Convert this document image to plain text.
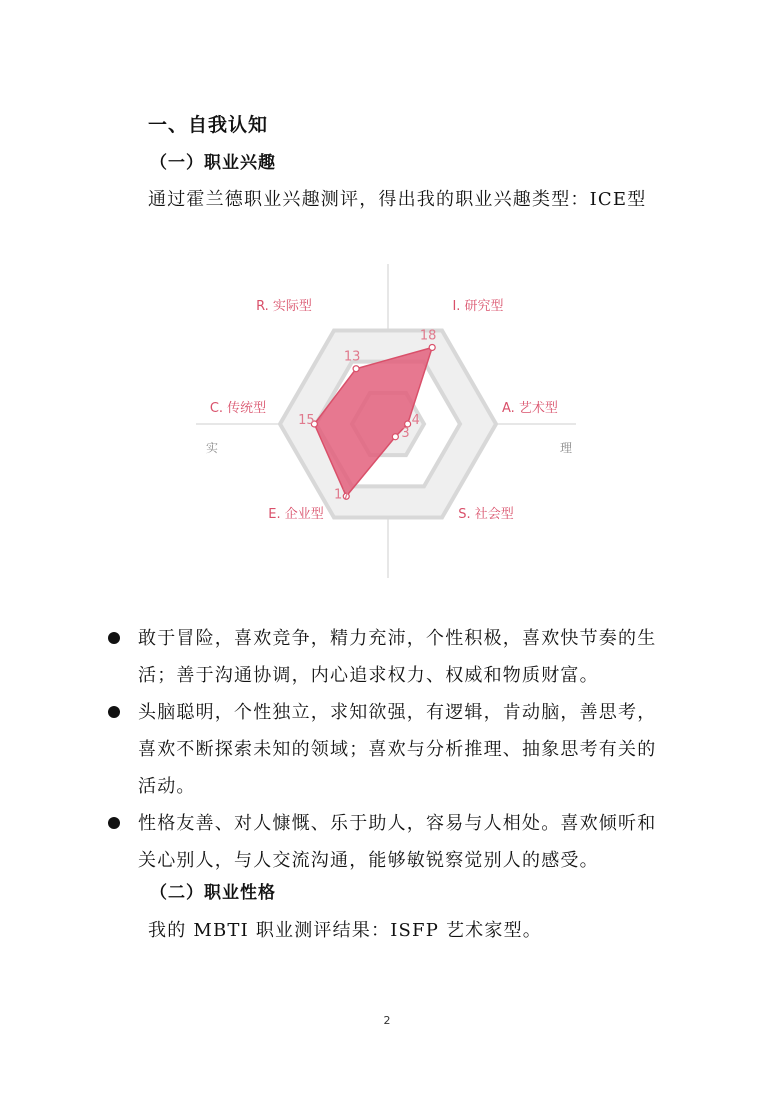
一、自我认知
（一）职业兴趣

通过霍兰德职业兴趣测评，得出我的职业兴趣类型：ICE型

13
18
4
3
17
15
R. 实际型	I. 研究型
A. 艺术型
S. 社会型
E. 企业型
C. 传统型
实	理
敢于冒险，喜欢竞争，精力充沛，个性积极，喜欢快节奏的生活；善于沟通协调，内心追求权力、权威和物质财富。
头脑聪明，个性独立，求知欲强，有逻辑，肯动脑，善思考，喜欢不断探索未知的领域；喜欢与分析推理、抽象思考有关的活动。
性格友善、对人慷慨、乐于助人，容易与人相处。喜欢倾听和关心别人，与人交流沟通，能够敏锐察觉别人的感受。
（二）职业性格

我的 MBTI 职业测评结果：ISFP 艺术家型。

2
